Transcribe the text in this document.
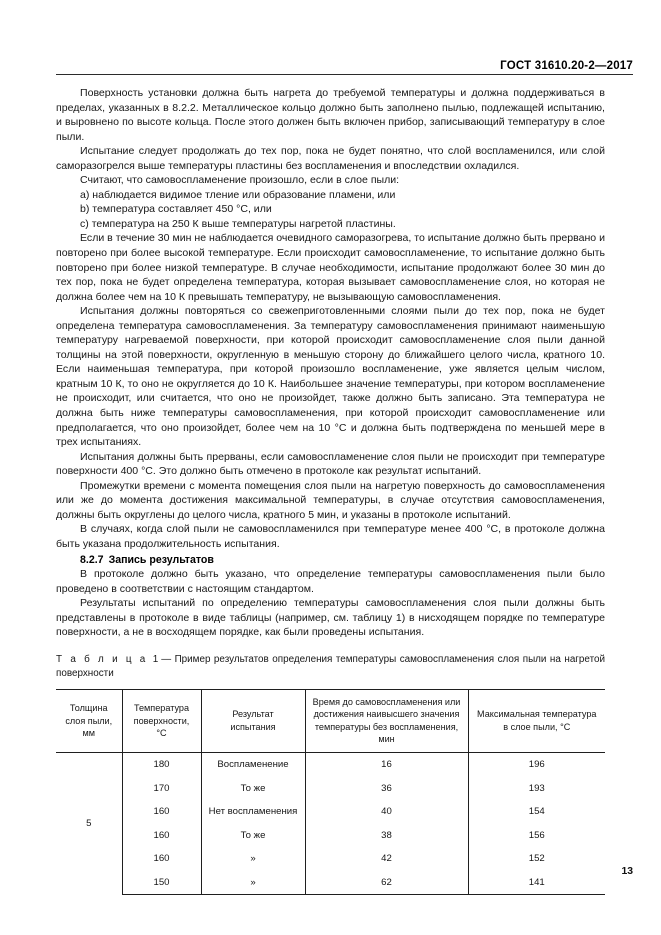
ГОСТ 31610.20-2—2017

Поверхность установки должна быть нагрета до требуемой температуры и должна поддерживаться в пределах, указанных в 8.2.2. Металлическое кольцо должно быть заполнено пылью, подлежащей испытанию, и выровнено по высоте кольца. После этого должен быть включен прибор, записывающий температуру в слое пыли.

Испытание следует продолжать до тех пор, пока не будет понятно, что слой воспламенился, или слой саморазогрелся выше температуры пластины без воспламенения и впоследствии охладился.

Считают, что самовоспламенение произошло, если в слое пыли:

a) наблюдается видимое тление или образование пламени, или

b) температура составляет 450 °С, или

c) температура на 250 К выше температуры нагретой пластины.

Если в течение 30 мин не наблюдается очевидного саморазогрева, то испытание должно быть прервано и повторено при более высокой температуре. Если происходит самовоспламенение, то испытание должно быть повторено при более низкой температуре. В случае необходимости, испытание продолжают более 30 мин до тех пор, пока не будет определена температура, которая вызывает самовоспламенение слоя, но которая не должна более чем на 10 К превышать температуру, не вызывающую самовоспламенения.

Испытания должны повторяться со свежеприготовленными слоями пыли до тех пор, пока не будет определена температура самовоспламенения. За температуру самовоспламенения принимают наименьшую температуру нагреваемой поверхности, при которой происходит самовоспламенение слоя пыли данной толщины на этой поверхности, округленную в меньшую сторону до ближайшего целого числа, кратного 10. Если наименьшая температура, при которой произошло воспламенение, уже является целым числом, кратным 10 К, то оно не округляется до 10 К. Наибольшее значение температуры, при котором воспламенение не происходит, или считается, что оно не произойдет, также должно быть записано. Эта температура не должна быть ниже температуры самовоспламенения, при которой происходит самовоспламенение или предполагается, что оно произойдет, более чем на 10 °С и должна быть подтверждена по меньшей мере в трех испытаниях.

Испытания должны быть прерваны, если самовоспламенение слоя пыли не происходит при температуре поверхности 400 °С. Это должно быть отмечено в протоколе как результат испытаний.

Промежутки времени с момента помещения слоя пыли на нагретую поверхность до самовоспламенения или же до момента достижения максимальной температуры, в случае отсутствия самовоспламенения, должны быть округлены до целого числа, кратного 5 мин, и указаны в протоколе испытаний.

В случаях, когда слой пыли не самовоспламенился при температуре менее 400 °С, в протоколе должна быть указана продолжительность испытания.

8.2.7 Запись результатов

В протоколе должно быть указано, что определение температуры самовоспламенения пыли было проведено в соответствии с настоящим стандартом.

Результаты испытаний по определению температуры самовоспламенения слоя пыли должны быть представлены в протоколе в виде таблицы (например, см. таблицу 1) в нисходящем порядке по температуре поверхности, а не в восходящем порядке, как были проведены испытания.

Т а б л и ц а 1 — Пример результатов определения температуры самовоспламенения слоя пыли на нагретой поверхности
Толщина
слоя пыли,
мм	Температура
поверхности,
°С	Результат
испытания	Время до самовоспламенения или
достижения наивысшего значения
температуры без воспламенения, мин	Максимальная температура
в слое пыли, °С
5	180	Воспламенение	16	196
	170	То же	36	193
	160	Нет воспламенения	40	154
	160	То же	38	156
	160	»	42	152
	150	»	62	141
13
